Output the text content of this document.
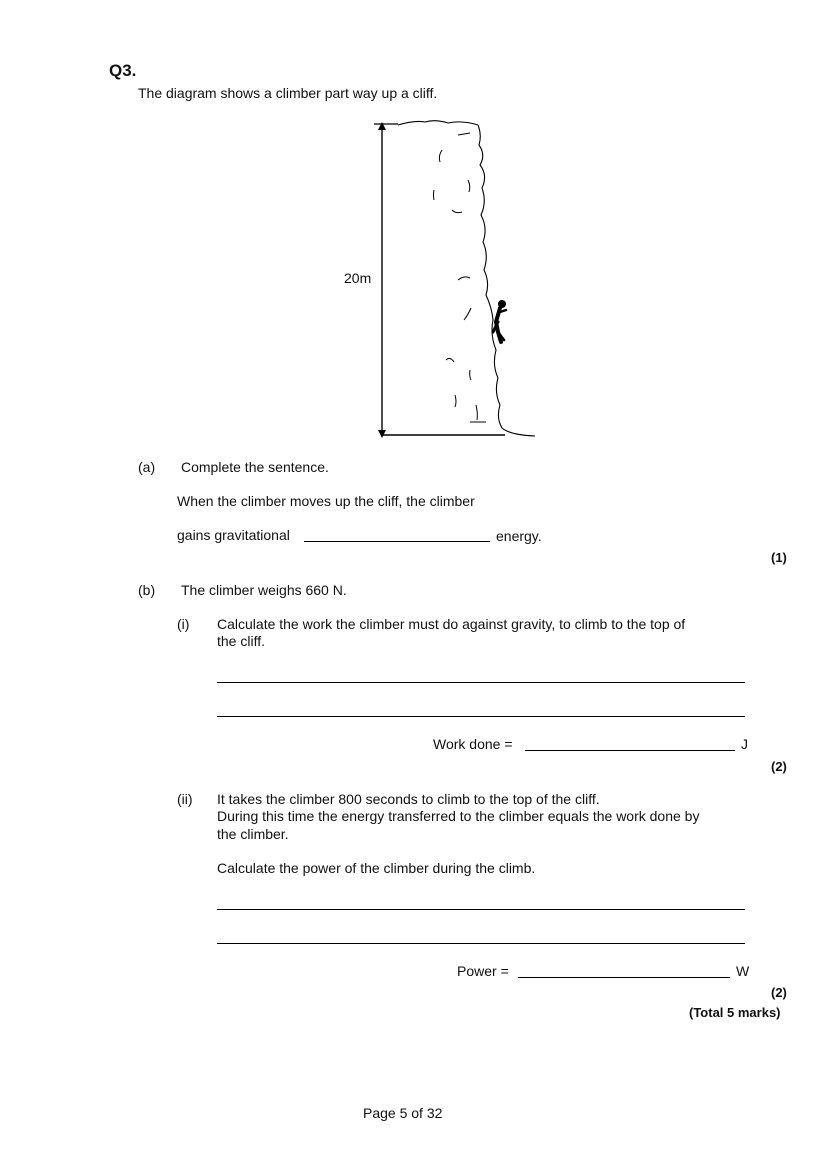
Q3.
The diagram shows a climber part way up a cliff.
20m
(a) Complete the sentence.
When the climber moves up the cliff, the climber
gains gravitational	energy.
(1)
(b) The climber weighs 660 N.
(i) Calculate the work the climber must do against gravity, to climb to the top of
the cliff.
Work done =	J
(2)
(ii) It takes the climber 800 seconds to climb to the top of the cliff.
During this time the energy transferred to the climber equals the work done by
the climber.
Calculate the power of the climber during the climb.
Power =	W
(2)
(Total 5 marks)
Page 5 of 32
